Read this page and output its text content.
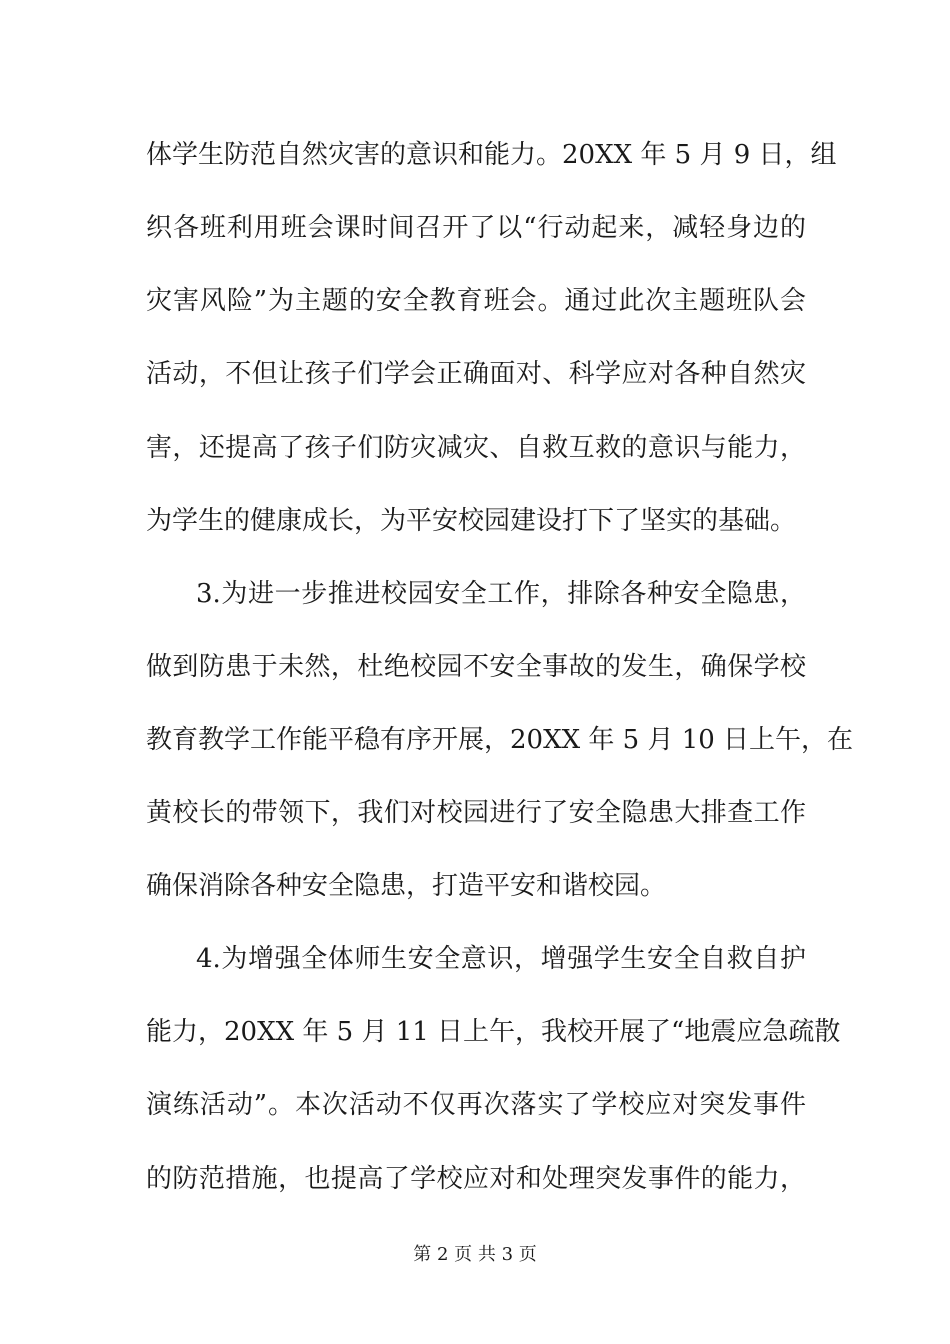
体学生防范自然灾害的意识和能力。20XX 年 5 月 9 日，组
织各班利用班会课时间召开了以“行动起来，减轻身边的
灾害风险”为主题的安全教育班会。通过此次主题班队会
活动，不但让孩子们学会正确面对、科学应对各种自然灾
害，还提高了孩子们防灾减灾、自救互救的意识与能力，
为学生的健康成长，为平安校园建设打下了坚实的基础。
3.为进一步推进校园安全工作，排除各种安全隐患，
做到防患于未然，杜绝校园不安全事故的发生，确保学校
教育教学工作能平稳有序开展，20XX 年 5 月 10 日上午，在
黄校长的带领下，我们对校园进行了安全隐患大排查工作
确保消除各种安全隐患，打造平安和谐校园。
4.为增强全体师生安全意识，增强学生安全自救自护
能力，20XX 年 5 月 11 日上午，我校开展了“地震应急疏散
演练活动”。本次活动不仅再次落实了学校应对突发事件
的防范措施，也提高了学校应对和处理突发事件的能力，
第 2 页 共 3 页
